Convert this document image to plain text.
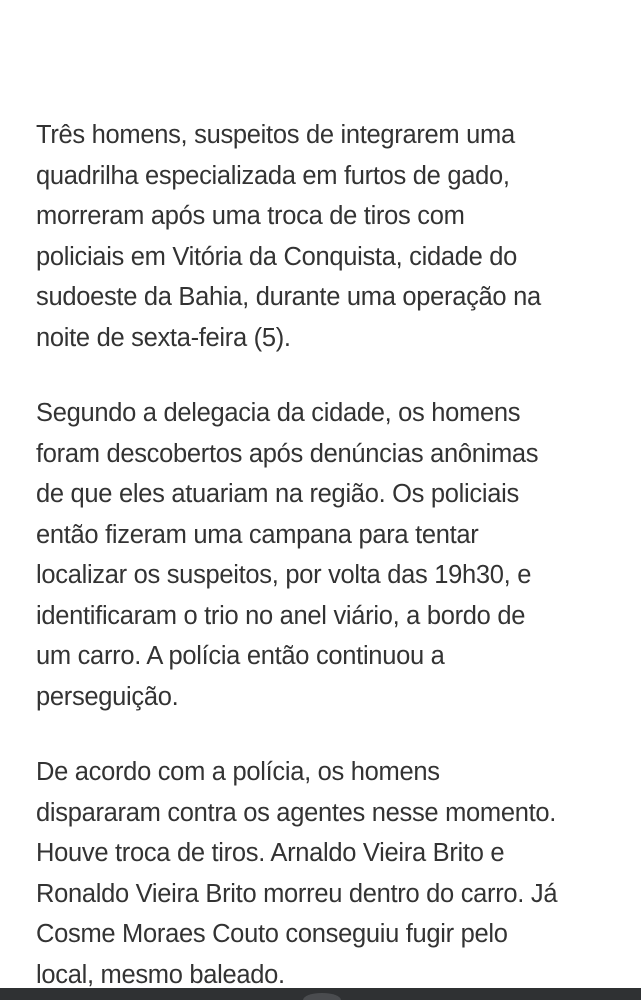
Três homens, suspeitos de integrarem uma
quadrilha especializada em furtos de gado,
morreram após uma troca de tiros com
policiais em Vitória da Conquista, cidade do
sudoeste da Bahia, durante uma operação na
noite de sexta-feira (5).

Segundo a delegacia da cidade, os homens
foram descobertos após denúncias anônimas
de que eles atuariam na região. Os policiais
então fizeram uma campana para tentar
localizar os suspeitos, por volta das 19h30, e
identificaram o trio no anel viário, a bordo de
um carro. A polícia então continuou a
perseguição.

De acordo com a polícia, os homens
dispararam contra os agentes nesse momento.
Houve troca de tiros. Arnaldo Vieira Brito e
Ronaldo Vieira Brito morreu dentro do carro. Já
Cosme Moraes Couto conseguiu fugir pelo
local, mesmo baleado.
